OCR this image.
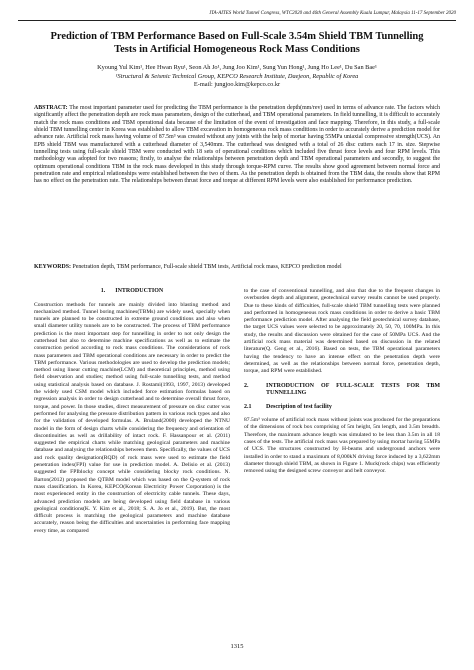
ITA-AITES World Tunnel Congress, WTC2020 and 46th General Assembly Kuala Lumpur, Malaysia 11-17 September 2020
Prediction of TBM Performance Based on Full-Scale 3.54m Shield TBM Tunnelling Tests in Artificial Homogeneous Rock Mass Conditions
Kyoung Yul Kim¹, Hee Hwan Ryu¹, Seon Ah Jo¹, Jung Joo Kim¹, Sung Yun Hong¹, Jung Ho Lee¹, Du San Bae¹
¹Structural & Seismic Technical Group, KEPCO Research Institute, Daejeon, Republic of Korea
E-mail: jungjoo.kim@kepco.co.kr
ABSTRACT: The most important parameter used for predicting the TBM performance is the penetration depth(mm/rev) used in terms of advance rate. The factors which significantly affect the penetration depth are rock mass parameters, design of the cutterhead, and TBM operational parameters. In field tunnelling, it is difficult to accurately match the rock mass conditions and TBM operational data because of the limitation of the event of investigation and face mapping. Therefore, in this study, a full-scale shield TBM tunnelling center in Korea was established to allow TBM excavation in homogeneous rock mass conditions in order to accurately derive a prediction model for advance rate. Artificial rock mass having volume of 87.5m³ was created without any joints with the help of mortar having 55MPa uniaxial compressive strength(UCS). An EPB shield TBM was manufactured with a cutterhead diameter of 3,540mm. The cutterhead was designed with a total of 26 disc cutters each 17 in. size. Stepwise tunnelling tests using full-scale shield TBM were conducted with 18 sets of operational conditions which included five thrust force levels and four RPM levels. This methodology was adopted for two reasons; firstly, to analyse the relationships between penetration depth and TBM operational parameters and secondly, to suggest the optimum operational conditions TBM in the rock mass developed in this study through torque-RPM curve. The results show good agreement between normal force and penetration rate and empirical relationships were established between the two of them. As the penetration depth is obtained from the TBM data, the results show that RPM has no effect on the penetration rate. The relationships between thrust force and torque at different RPM levels were also established for performance prediction.
KEYWORDS: Penetration depth, TBM performance, Full-scale shield TBM tests, Artificial rock mass, KEPCO prediction model
1. INTRODUCTION

Construction methods for tunnels are mainly divided into blasting method and mechanized method. Tunnel boring machines(TBMs) are widely used, specially when tunnels are planned to be constructed in extreme ground conditions and also when small diameter utility tunnels are to be constructed. The process of TBM performance prediction is the most important step for tunnelling in order to not only design the cutterhead but also to determine machine specifications as well as to estimate the construction period according to rock mass conditions. The considerations of rock mass parameters and TBM operational conditions are necessary in order to predict the TBM performance. Various methodologies are used to develop the prediction models; method using linear cutting machine(LCM) and theoretical principles, method using field observation and studies; method using full-scale tunnelling tests, and method using statistical analysis based on database. J. Rostami(1993, 1997, 2013) developed the widely used CSM model which included force estimation formulas based on regression analysis in order to design cutterhead and to determine overall thrust force, torque, and power. In those studies, direct measurement of pressure on disc cutter was performed for analysing the pressure distribution pattern in various rock types and also for the validation of developed formulas. A. Bruland(2000) developed the NTNU model in the form of design charts while considering the frequency and orientation of discontinuities as well as drillability of intact rock. F. Hassanpour et al. (2011) suggested the empirical charts while matching geological parameters and machine database and analysing the relationships between them. Specifically, the values of UCS and rock quality designation(RQD) of rock mass were used to estimate the field penetration index(FPI) value for use in prediction model. A. Delisio et al. (2013) suggested the FPIblocky concept while considering blocky rock conditions. N. Barton(2012) proposed the QTBM model which was based on the Q-system of rock mass classification. In Korea, KEPCO(Korean Electricity Power Corporation) is the most experienced entity in the construction of electricity cable tunnels. These days, advanced prediction models are being developed using field database in various geological conditions(K. Y. Kim et al., 2018; S. A. Jo et al., 2019). But, the most difficult process is matching the geological parameters and machine database accurately, reason being the difficulties and uncertainties in performing face mapping every time, as compared

to the case of conventional tunnelling, and also that due to the frequent changes in overburden depth and alignment, geotechnical survey results cannot be used properly. Due to these kinds of difficulties, full-scale shield TBM tunnelling tests were planned and performed in homogeneous rock mass conditions in order to derive a basic TBM performance prediction model. After analysing the field geotechnical survey database, the target UCS values were selected to be approximately 20, 50, 70, 100MPa. In this study, the results and discussion were obtained for the case of 50MPa UCS. And the artificial rock mass material was determined based on discussion in the related literature(Q. Geng et al., 2016). Based on tests, the TBM operational parameters having the tendency to have an intense effect on the penetration depth were determined, as well as the relationships between normal force, penetration depth, torque, and RPM were established.

2.	INTRODUCTION OF FULL-SCALE TESTS FOR TBM TUNNELLING
2.1	Description of test facility

87.5m³ volume of artificial rock mass without joints was produced for the preparations of the dimensions of rock box comprising of 5m height, 5m length, and 3.5m breadth. Therefore, the maximum advance length was simulated to be less than 3.5m in all 18 cases of the tests. The artificial rock mass was prepared by using mortar having 55MPa of UCS. The structures constructed by H-beams and underground anchors were installed in order to stand a maximum of 8,000kN driving force induced by a 3,622mm diameter through shield TBM, as shown in Figure 1. Muck(rock chips) was efficiently removed using the designed screw conveyor and belt conveyor.

1315
